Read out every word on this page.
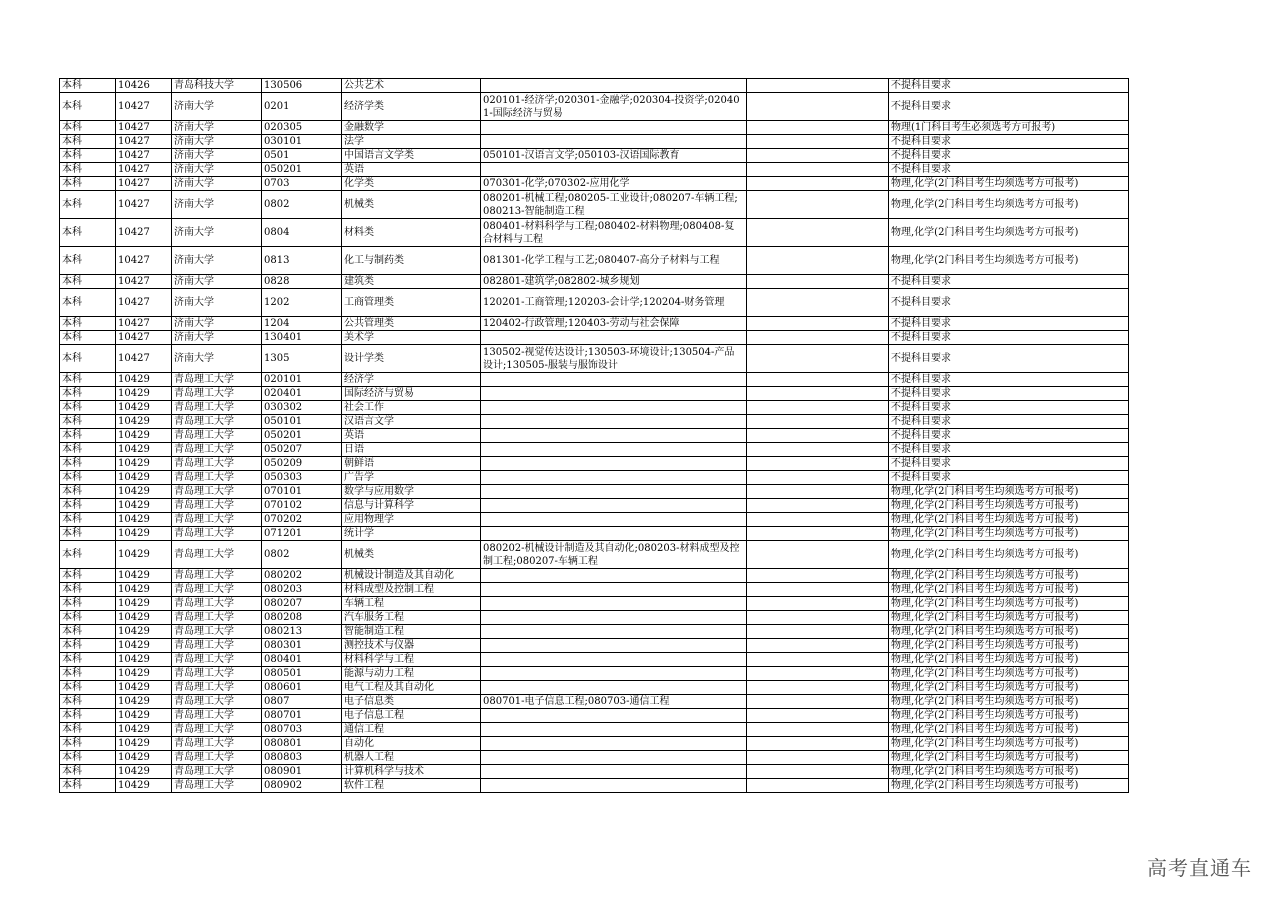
本科	10426	青岛科技大学	130506	公共艺术			不提科目要求
本科	10427	济南大学	0201	经济学类	020101-经济学;020301-金融学;020304-投资学;020401-国际经济与贸易		不提科目要求
本科	10427	济南大学	020305	金融数学			物理(1门科目考生必须选考方可报考)
本科	10427	济南大学	030101	法学			不提科目要求
本科	10427	济南大学	0501	中国语言文学类	050101-汉语言文学;050103-汉语国际教育		不提科目要求
本科	10427	济南大学	050201	英语			不提科目要求
本科	10427	济南大学	0703	化学类	070301-化学;070302-应用化学		物理,化学(2门科目考生均须选考方可报考)
本科	10427	济南大学	0802	机械类	080201-机械工程;080205-工业设计;080207-车辆工程;080213-智能制造工程		物理,化学(2门科目考生均须选考方可报考)
本科	10427	济南大学	0804	材料类	080401-材料科学与工程;080402-材料物理;080408-复合材料与工程		物理,化学(2门科目考生均须选考方可报考)
本科	10427	济南大学	0813	化工与制药类	081301-化学工程与工艺;080407-高分子材料与工程		物理,化学(2门科目考生均须选考方可报考)
本科	10427	济南大学	0828	建筑类	082801-建筑学;082802-城乡规划		不提科目要求
本科	10427	济南大学	1202	工商管理类	120201-工商管理;120203-会计学;120204-财务管理		不提科目要求
本科	10427	济南大学	1204	公共管理类	120402-行政管理;120403-劳动与社会保障		不提科目要求
本科	10427	济南大学	130401	美术学			不提科目要求
本科	10427	济南大学	1305	设计学类	130502-视觉传达设计;130503-环境设计;130504-产品设计;130505-服装与服饰设计		不提科目要求
本科	10429	青岛理工大学	020101	经济学			不提科目要求
本科	10429	青岛理工大学	020401	国际经济与贸易			不提科目要求
本科	10429	青岛理工大学	030302	社会工作			不提科目要求
本科	10429	青岛理工大学	050101	汉语言文学			不提科目要求
本科	10429	青岛理工大学	050201	英语			不提科目要求
本科	10429	青岛理工大学	050207	日语			不提科目要求
本科	10429	青岛理工大学	050209	朝鲜语			不提科目要求
本科	10429	青岛理工大学	050303	广告学			不提科目要求
本科	10429	青岛理工大学	070101	数学与应用数学			物理,化学(2门科目考生均须选考方可报考)
本科	10429	青岛理工大学	070102	信息与计算科学			物理,化学(2门科目考生均须选考方可报考)
本科	10429	青岛理工大学	070202	应用物理学			物理,化学(2门科目考生均须选考方可报考)
本科	10429	青岛理工大学	071201	统计学			物理,化学(2门科目考生均须选考方可报考)
本科	10429	青岛理工大学	0802	机械类	080202-机械设计制造及其自动化;080203-材料成型及控制工程;080207-车辆工程		物理,化学(2门科目考生均须选考方可报考)
本科	10429	青岛理工大学	080202	机械设计制造及其自动化			物理,化学(2门科目考生均须选考方可报考)
本科	10429	青岛理工大学	080203	材料成型及控制工程			物理,化学(2门科目考生均须选考方可报考)
本科	10429	青岛理工大学	080207	车辆工程			物理,化学(2门科目考生均须选考方可报考)
本科	10429	青岛理工大学	080208	汽车服务工程			物理,化学(2门科目考生均须选考方可报考)
本科	10429	青岛理工大学	080213	智能制造工程			物理,化学(2门科目考生均须选考方可报考)
本科	10429	青岛理工大学	080301	测控技术与仪器			物理,化学(2门科目考生均须选考方可报考)
本科	10429	青岛理工大学	080401	材料科学与工程			物理,化学(2门科目考生均须选考方可报考)
本科	10429	青岛理工大学	080501	能源与动力工程			物理,化学(2门科目考生均须选考方可报考)
本科	10429	青岛理工大学	080601	电气工程及其自动化			物理,化学(2门科目考生均须选考方可报考)
本科	10429	青岛理工大学	0807	电子信息类	080701-电子信息工程;080703-通信工程		物理,化学(2门科目考生均须选考方可报考)
本科	10429	青岛理工大学	080701	电子信息工程			物理,化学(2门科目考生均须选考方可报考)
本科	10429	青岛理工大学	080703	通信工程			物理,化学(2门科目考生均须选考方可报考)
本科	10429	青岛理工大学	080801	自动化			物理,化学(2门科目考生均须选考方可报考)
本科	10429	青岛理工大学	080803	机器人工程			物理,化学(2门科目考生均须选考方可报考)
本科	10429	青岛理工大学	080901	计算机科学与技术			物理,化学(2门科目考生均须选考方可报考)
本科	10429	青岛理工大学	080902	软件工程			物理,化学(2门科目考生均须选考方可报考)
高考直通车
